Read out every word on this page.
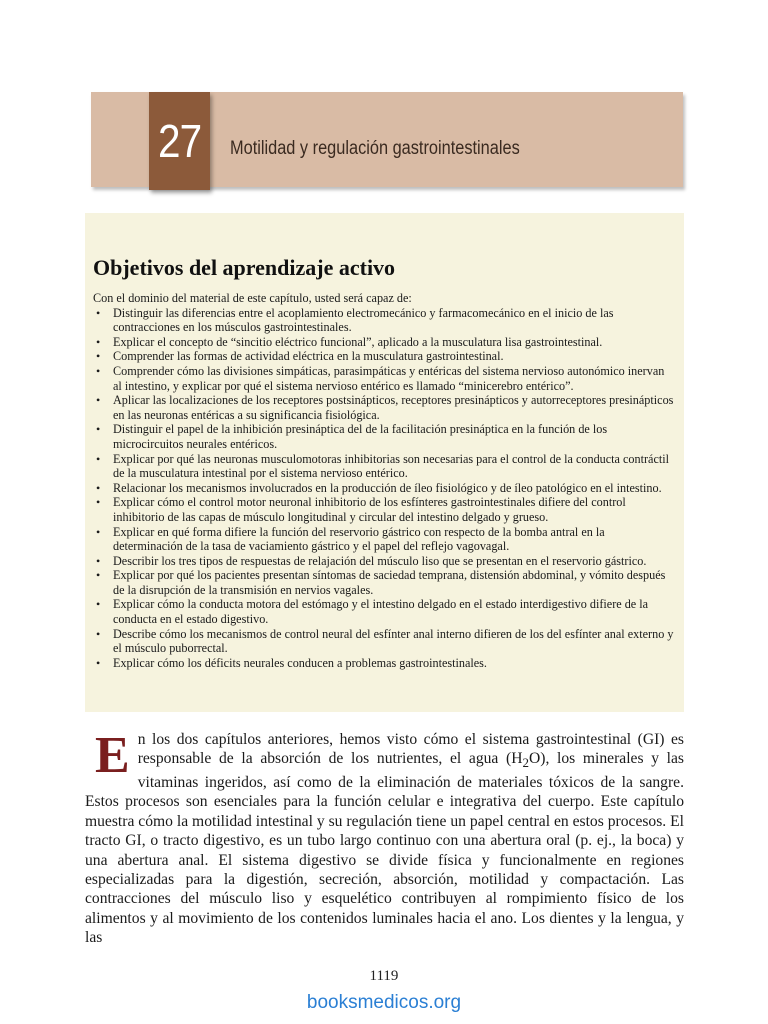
27 Motilidad y regulación gastrointestinales
Objetivos del aprendizaje activo

Con el dominio del material de este capítulo, usted será capaz de:

• Distinguir las diferencias entre el acoplamiento electromecánico y farmacomecánico en el inicio de las contracciones en los músculos gastrointestinales.
• Explicar el concepto de “sincitio eléctrico funcional”, aplicado a la musculatura lisa gastrointestinal.
• Comprender las formas de actividad eléctrica en la musculatura gastrointestinal.
• Comprender cómo las divisiones simpáticas, parasimpáticas y entéricas del sistema nervioso autonómico inervan al intestino, y explicar por qué el sistema nervioso entérico es llamado “minicerebro entérico”.
• Aplicar las localizaciones de los receptores postsinápticos, receptores presinápticos y autorreceptores presinápticos en las neuronas entéricas a su significancia fisiológica.
• Distinguir el papel de la inhibición presináptica del de la facilitación presináptica en la función de los microcircuitos neurales entéricos.
• Explicar por qué las neuronas musculomotoras inhibitorias son necesarias para el control de la conducta contráctil de la musculatura intestinal por el sistema nervioso entérico.
• Relacionar los mecanismos involucrados en la producción de íleo fisiológico y de íleo patológico en el intestino.
• Explicar cómo el control motor neuronal inhibitorio de los esfínteres gastrointestinales difiere del control inhibitorio de las capas de músculo longitudinal y circular del intestino delgado y grueso.
• Explicar en qué forma difiere la función del reservorio gástrico con respecto de la bomba antral en la determinación de la tasa de vaciamiento gástrico y el papel del reflejo vagovagal.
• Describir los tres tipos de respuestas de relajación del músculo liso que se presentan en el reservorio gástrico.
• Explicar por qué los pacientes presentan síntomas de saciedad temprana, distensión abdominal, y vómito después de la disrupción de la transmisión en nervios vagales.
• Explicar cómo la conducta motora del estómago y el intestino delgado en el estado interdigestivo difiere de la conducta en el estado digestivo.
• Describe cómo los mecanismos de control neural del esfínter anal interno difieren de los del esfínter anal externo y el músculo puborrectal.
• Explicar cómo los déficits neurales conducen a problemas gastrointestinales.

En los dos capítulos anteriores, hemos visto cómo el sistema gastrointestinal (GI) es responsable de la absorción de los nutrientes, el agua $(H_2O)$, los minerales y las vitaminas ingeridos, así como de la eliminación de materiales tóxicos de la sangre. Estos procesos son esenciales para la función celular e integrativa del cuerpo. Este capítulo muestra cómo la motilidad intestinal y su regulación tiene un papel central en estos procesos. El tracto GI, o tracto digestivo, es un tubo largo continuo con una abertura oral (p. ej., la boca) y una abertura anal. El sistema digestivo se divide física y funcionalmente en regiones especializadas para la digestión, secreción, absorción, motilidad y compactación. Las contracciones del músculo liso y esquelético contribuyen al rompimiento físico de los alimentos y al movimiento de los contenidos luminales hacia el ano. Los dientes y la lengua, y las

1119
booksmedicos.org
